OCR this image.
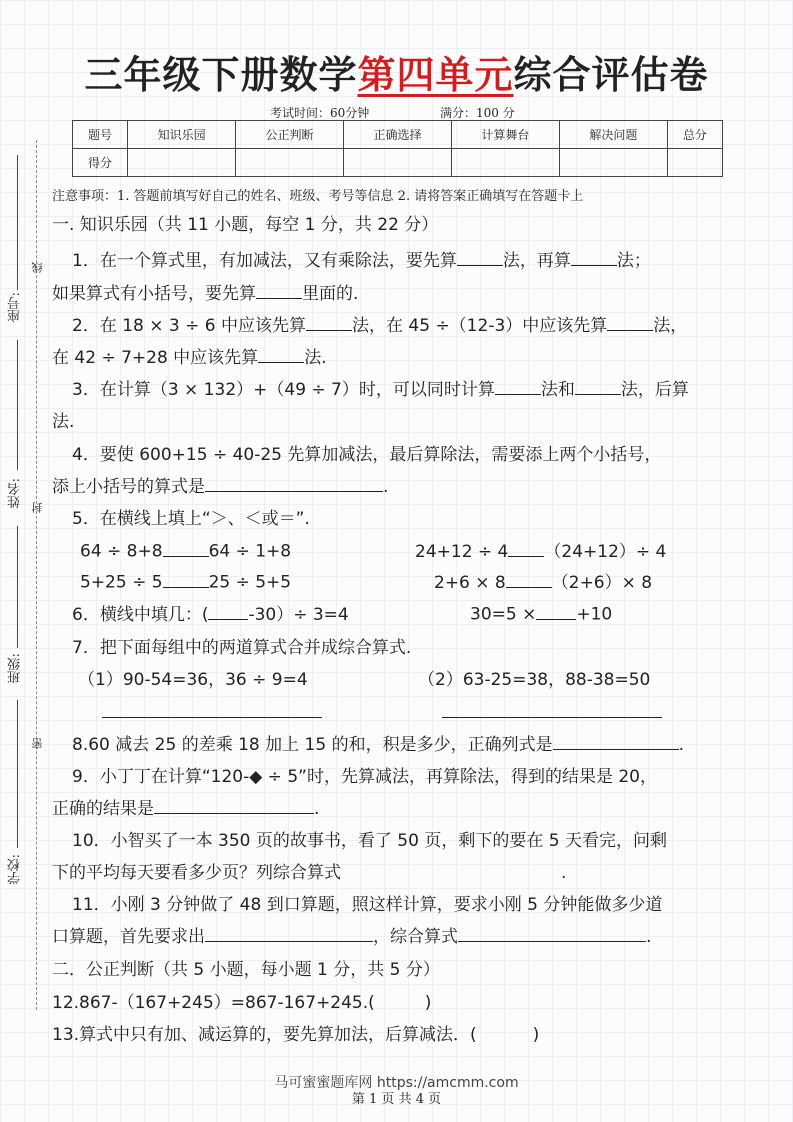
线
封
密
座号:
姓名:
班级:
学校:
三年级下册数学第四单元综合评估卷
考试时间：60分钟	满分：100 分
题号	知识乐园	公正判断	正确选择	计算舞台	解决问题	总分
得分						
注意事项：1. 答题前填写好自己的姓名、班级、考号等信息 2. 请将答案正确填写在答题卡上
一. 知识乐园（共 11 小题，每空 1 分，共 22 分）
1．在一个算式里，有加减法，又有乘除法，要先算	法，再算	法；
如果算式有小括号，要先算	里面的.
2．在 18 × 3 ÷ 6 中应该先算	法，在 45 ÷（12-3）中应该先算	法，
在 42 ÷ 7+28 中应该先算	法.
3．在计算（3 × 132）+（49 ÷ 7）时，可以同时计算	法和	法，后算
法.
4．要使 600+15 ÷ 40-25 先算加减法，最后算除法，需要添上两个小括号，
添上小括号的算式是	.
5．在横线上填上“＞、＜或＝”.
64 ÷ 8+8	64 ÷ 1+8	24+12 ÷ 4 （24+12）÷ 4
5+25 ÷ 5	25 ÷ 5+5	2+6 × 8	（2+6）× 8
6．横线中填几：( -30）÷ 3=4	30=5 × +10
7．把下面每组中的两道算式合并成综合算式.
（1）90-54=36，36 ÷ 9=4	（2）63-25=38，88-38=50
8.60 减去 25 的差乘 18 加上 15 的和，积是多少，正确列式是	.
9．小丁丁在计算“120-◆ ÷ 5”时，先算减法，再算除法，得到的结果是 20，
正确的结果是	.
10．小智买了一本 350 页的故事书，看了 50 页，剩下的要在 5 天看完，问剩
下的平均每天要看多少页？列综合算式	.
11．小刚 3 分钟做了 48 到口算题，照这样计算，要求小刚 5 分钟能做多少道
口算题，首先要求出	，综合算式	.
二．公正判断（共 5 小题，每小题 1 分，共 5 分）
12.867-（167+245）=867-167+245.(	)
13.算式中只有加、减运算的，要先算加法，后算减法．(	)
马可蜜蜜题库网 https://amcmm.com
第 1 页 共 4 页
